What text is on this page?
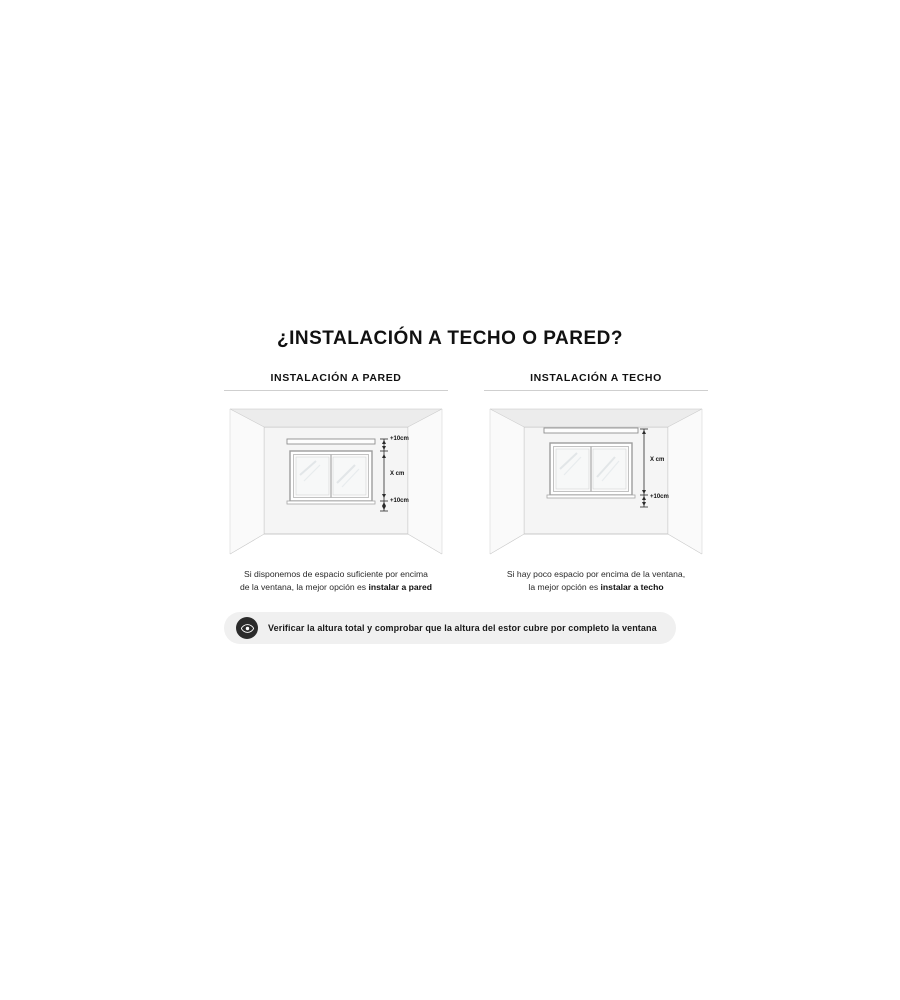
¿INSTALACIÓN A TECHO O PARED?
INSTALACIÓN A PARED
+10cm
X cm
+10cm
Si disponemos de espacio suficiente por encima
de la ventana, la mejor opción es instalar a pared
INSTALACIÓN A TECHO
X cm
+10cm
Si hay poco espacio por encima de la ventana,
la mejor opción es instalar a techo
Verificar la altura total y comprobar que la altura del estor cubre por completo la ventana
